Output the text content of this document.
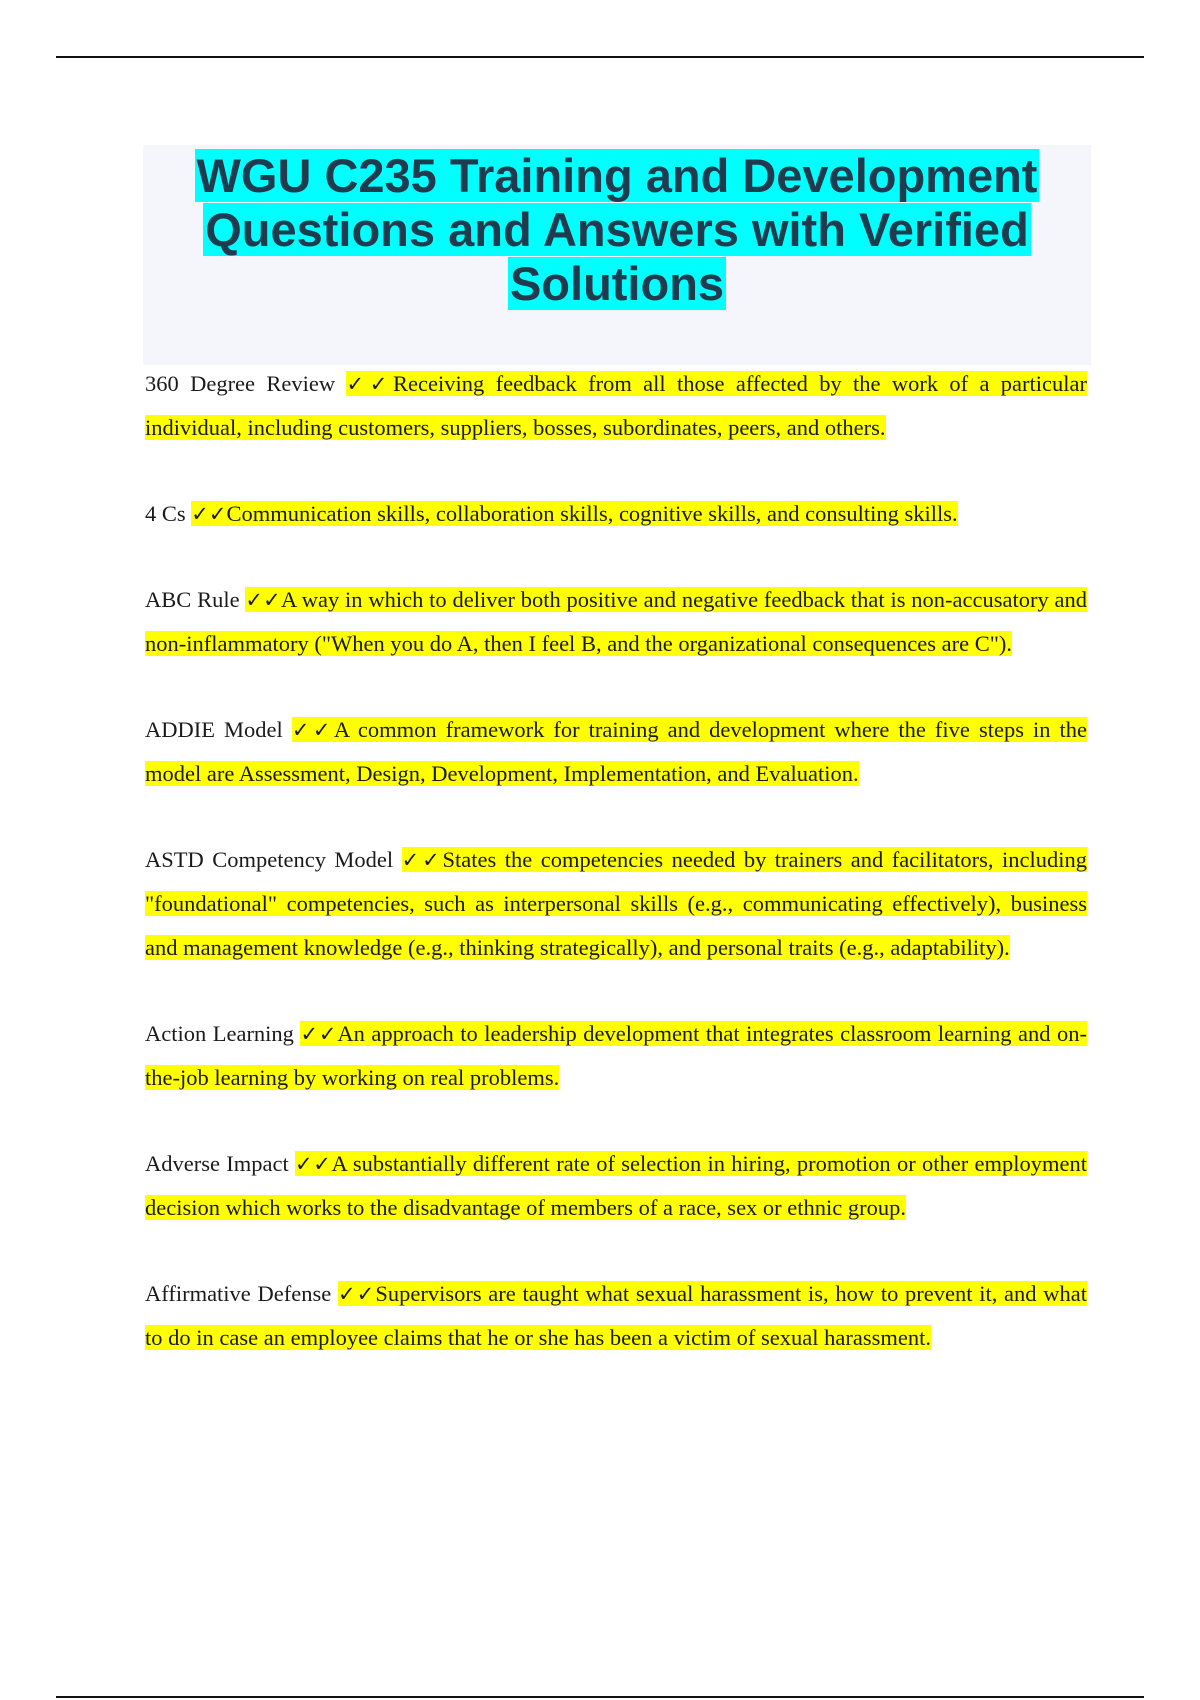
WGU C235 Training and Development
Questions and Answers with Verified
Solutions

360 Degree Review ✓✓Receiving feedback from all those affected by the work of a particular individual, including customers, suppliers, bosses, subordinates, peers, and others.

4 Cs ✓✓Communication skills, collaboration skills, cognitive skills, and consulting skills.

ABC Rule ✓✓A way in which to deliver both positive and negative feedback that is non-accusatory and non-inflammatory ("When you do A, then I feel B, and the organizational consequences are C").

ADDIE Model ✓✓A common framework for training and development where the five steps in the model are Assessment, Design, Development, Implementation, and Evaluation.

ASTD Competency Model ✓✓States the competencies needed by trainers and facilitators, including "foundational" competencies, such as interpersonal skills (e.g., communicating effectively), business and management knowledge (e.g., thinking strategically), and personal traits (e.g., adaptability).

Action Learning ✓✓An approach to leadership development that integrates classroom learning and on-the-job learning by working on real problems.

Adverse Impact ✓✓A substantially different rate of selection in hiring, promotion or other employment decision which works to the disadvantage of members of a race, sex or ethnic group.

Affirmative Defense ✓✓Supervisors are taught what sexual harassment is, how to prevent it, and what to do in case an employee claims that he or she has been a victim of sexual harassment.
